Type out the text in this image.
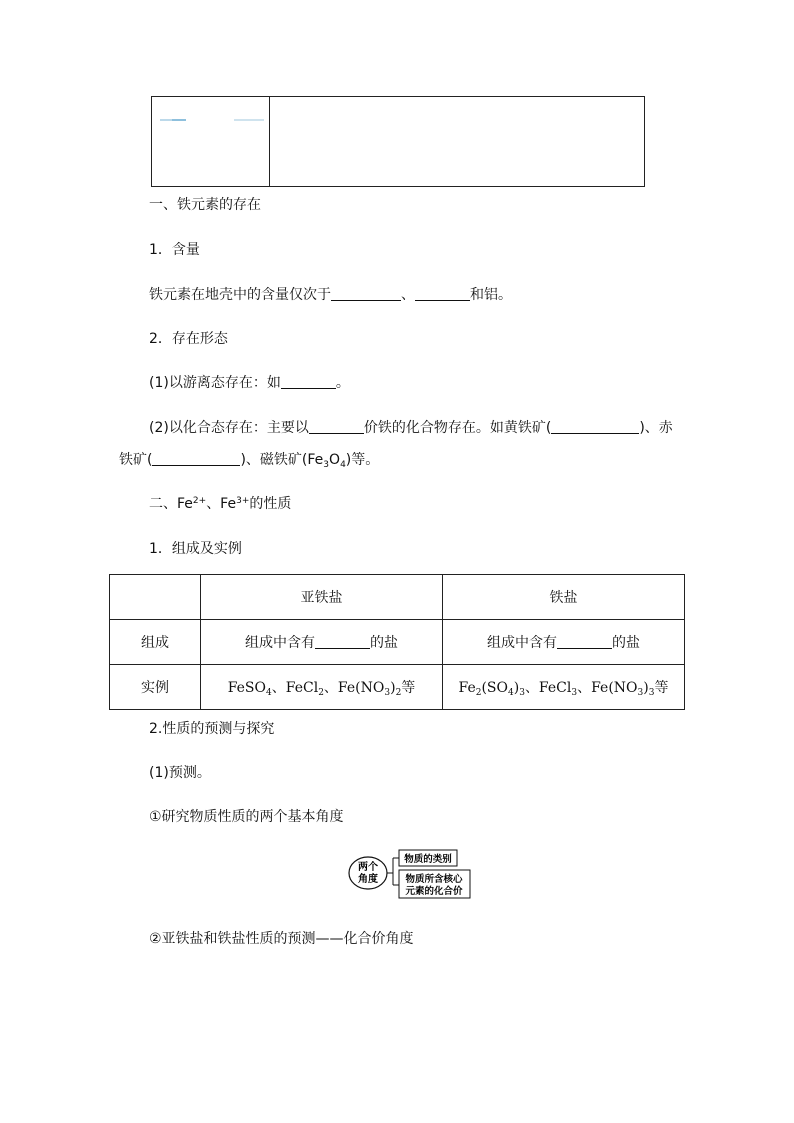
一、铁元素的存在
1．含量
铁元素在地壳中的含量仅次于	、	和铝。
2．存在形态
(1)以游离态存在：如	。
(2)以化合态存在：主要以	价铁的化合物存在。如黄铁矿(	)、赤
铁矿(	)、磁铁矿$(Fe_3O_4)$等。
二、$Fe^{2+}$、$Fe^{3+}$的性质
1．组成及实例
	亚铁盐	铁盐
组成	组成中含有 的盐	组成中含有 的盐
实例	FeSO$_4$、FeCl$_2$、$Fe(NO_3)_2$等	$Fe_2(SO_4)_3$、FeCl$_3$、$Fe(NO_3)_3$等
2.性质的预测与探究
(1)预测。
①研究物质性质的两个基本角度
两个
角度
物质的类别
物质所含核心
元素的化合价
②亚铁盐和铁盐性质的预测——化合价角度
